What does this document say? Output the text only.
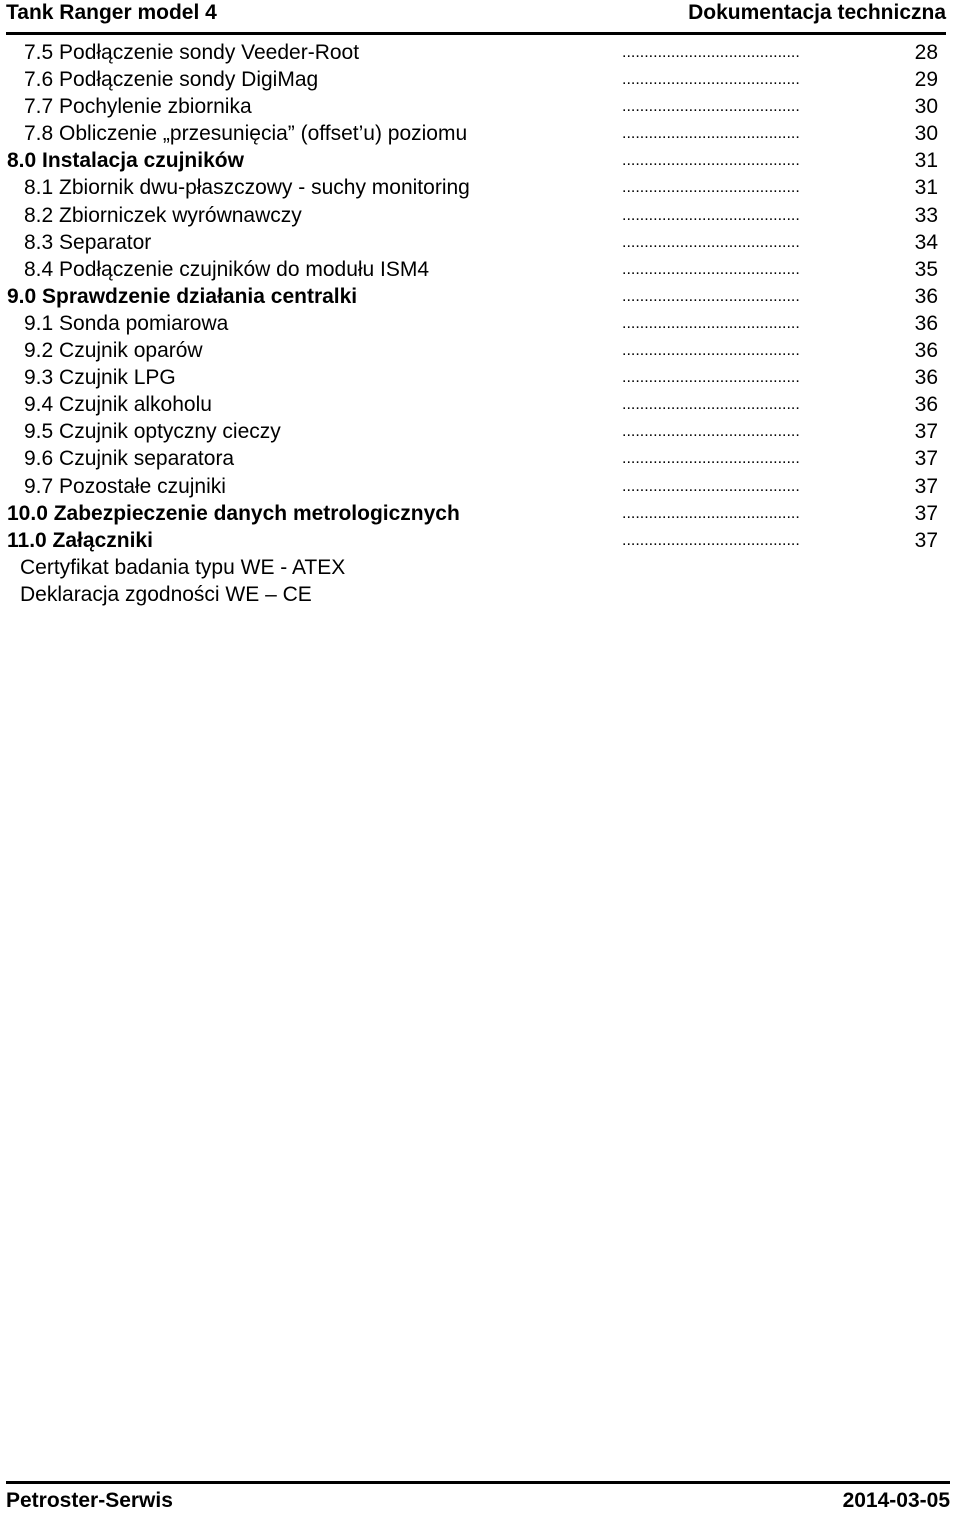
Tank Ranger model 4	Dokumentacja techniczna
7.5 Podłączenie sondy Veeder-Root	........................................	28
7.6 Podłączenie sondy DigiMag	........................................	29
7.7 Pochylenie zbiornika	........................................	30
7.8 Obliczenie „przesunięcia” (offset’u) poziomu	........................................	30
8.0 Instalacja czujników	........................................	31
8.1 Zbiornik dwu-płaszczowy - suchy monitoring	........................................	31
8.2 Zbiorniczek wyrównawczy	........................................	33
8.3 Separator	........................................	34
8.4 Podłączenie czujników do modułu ISM4	........................................	35
9.0 Sprawdzenie działania centralki	........................................	36
9.1 Sonda pomiarowa	........................................	36
9.2 Czujnik oparów	........................................	36
9.3 Czujnik LPG	........................................	36
9.4 Czujnik alkoholu	........................................	36
9.5 Czujnik optyczny cieczy	........................................	37
9.6 Czujnik separatora	........................................	37
9.7 Pozostałe czujniki	........................................	37
10.0 Zabezpieczenie danych metrologicznych	........................................	37
11.0 Załączniki	........................................	37
Certyfikat badania typu WE - ATEX
Deklaracja zgodności WE – CE
Petroster-Serwis	2014-03-05
